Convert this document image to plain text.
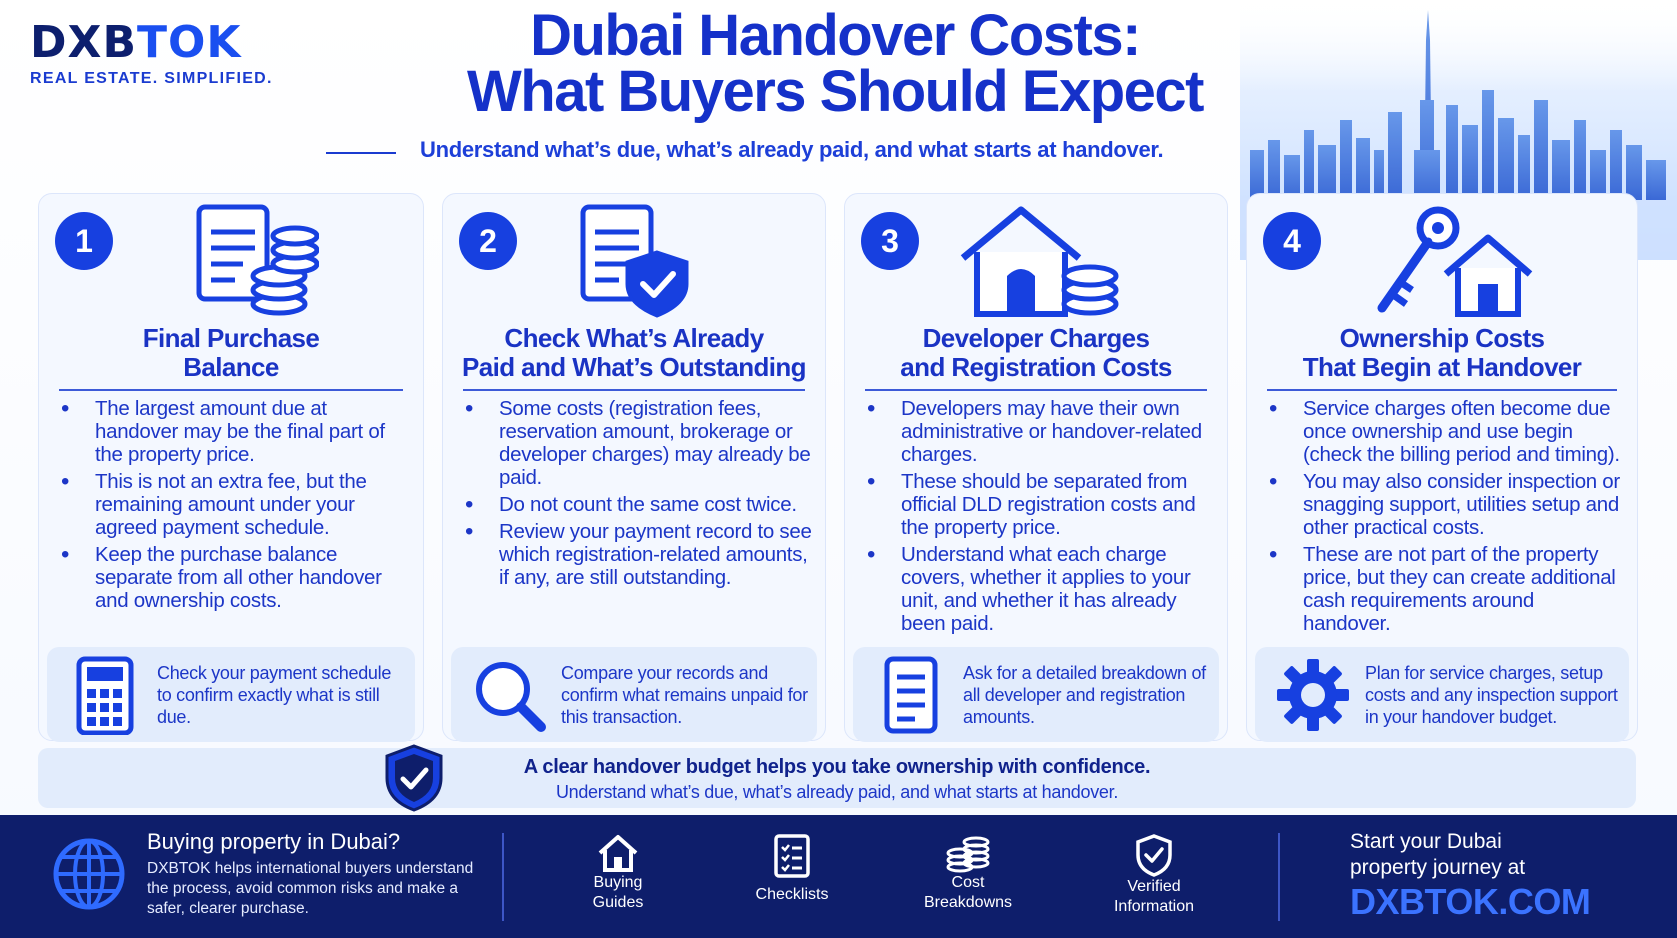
DXBTOK
REAL ESTATE. SIMPLIFIED.
Dubai Handover Costs:
What Buyers Should Expect
Understand what’s due, what’s already paid, and what starts at handover.
1
Final Purchase
Balance
• The largest amount due at handover may be the final part of the property price.
• This is not an extra fee, but the remaining amount under your agreed payment schedule.
• Keep the purchase balance separate from all other handover and ownership costs.
Check your payment schedule to confirm exactly what is still due.
2
Check What’s Already
Paid and What’s Outstanding
• Some costs (registration fees, reservation amount, brokerage or developer charges) may already be paid.
• Do not count the same cost twice.
• Review your payment record to see which registration-related amounts, if any, are still outstanding.
Compare your records and confirm what remains unpaid for this transaction.
3
Developer Charges
and Registration Costs
• Developers may have their own administrative or handover-related charges.
• These should be separated from official DLD registration costs and the property price.
• Understand what each charge covers, whether it applies to your unit, and whether it has already been paid.
Ask for a detailed breakdown of all developer and registration amounts.
4
Ownership Costs
That Begin at Handover
• Service charges often become due once ownership and use begin (check the billing period and timing).
• You may also consider inspection or snagging support, utilities setup and other practical costs.
• These are not part of the property price, but they can create additional cash requirements around handover.
Plan for service charges, setup costs and any inspection support in your handover budget.
A clear handover budget helps you take ownership with confidence.
Understand what’s due, what’s already paid, and what starts at handover.
Buying property in Dubai?
DXBTOK helps international buyers understand the process, avoid common risks and make a safer, clearer purchase.
Buying
Guides	Checklists
Cost
Breakdowns
Verified
Information
Start your Dubai
property journey at
DXBTOK.COM
